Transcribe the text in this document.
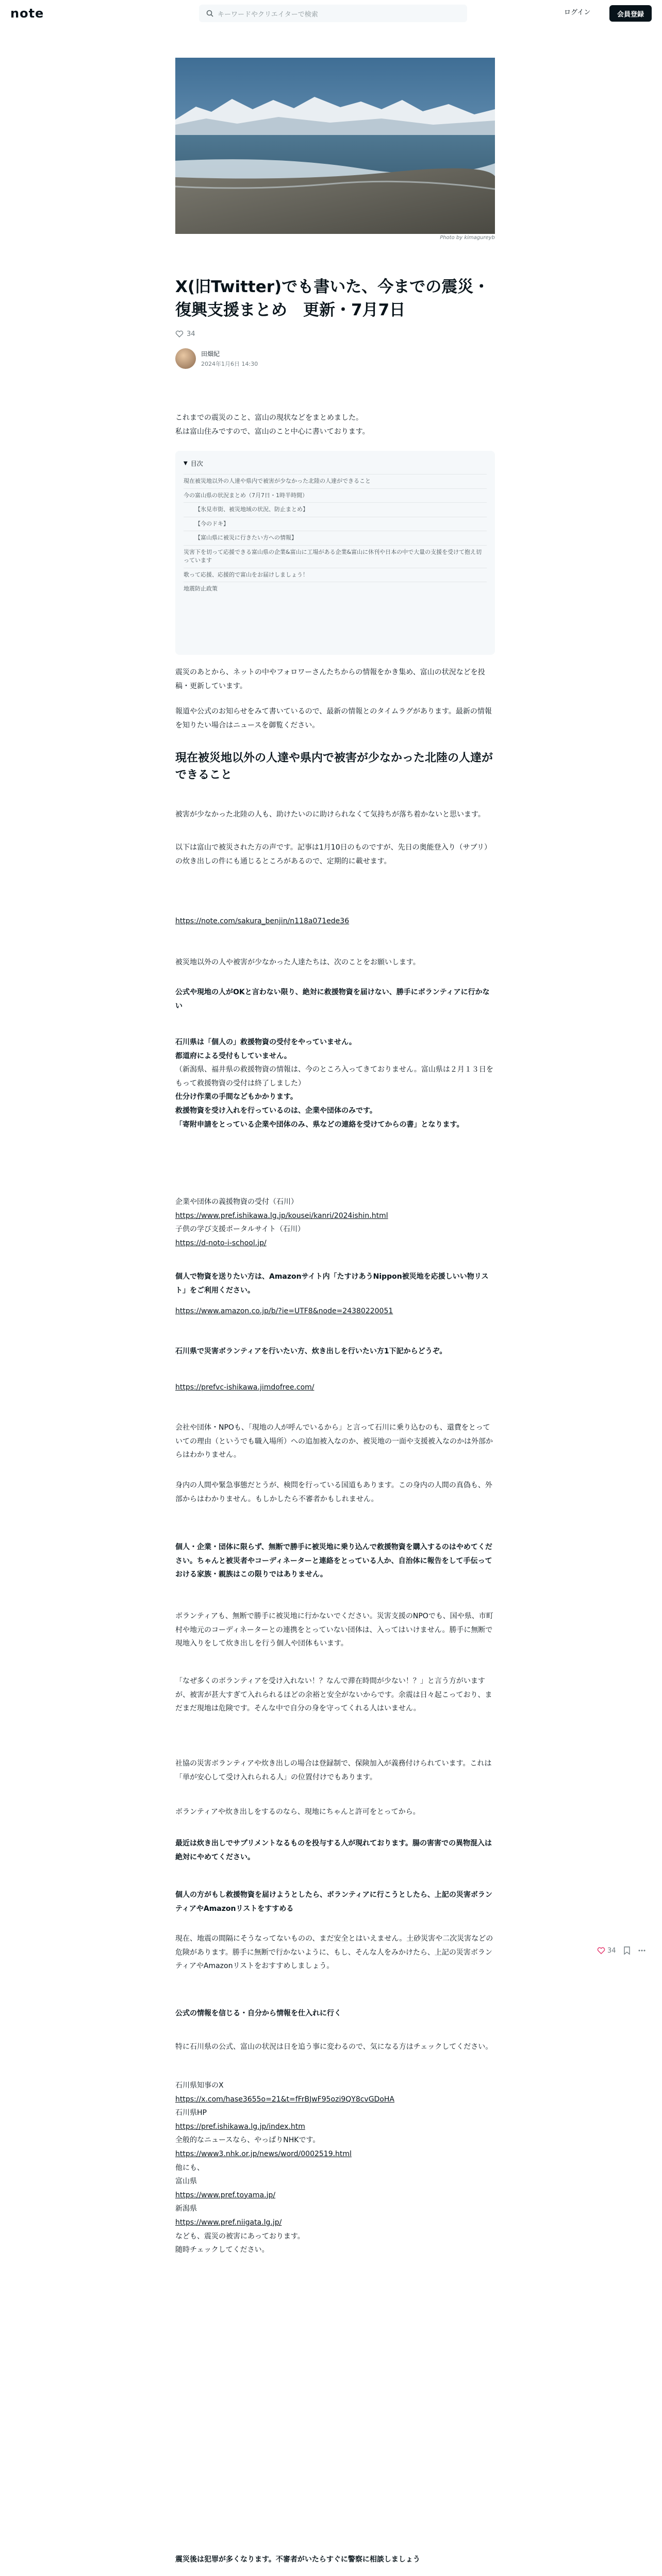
note	キーワードやクリエイターで検索	ログイン	会員登録
Photo by kimagureyb
X(旧Twitter)でも書いた、今までの震災・復興支援まとめ　更新・7月7日
34
田畑紀
2024年1月6日 14:30
これまでの震災のこと、富山の現状などをまとめました。
私は富山住みですので、富山のこと中心に書いております。
▼ 目次
現在被災地以外の人達や県内で被害が少なかった北陸の人達ができること
今の富山県の状況まとめ（7月7日・1時半時間）
【氷見市街、被災地域の状況、防止まとめ】
【今のドキ】
【富山県に被災に行きたい方への情報】
災害下を切って応援できる富山県の企業&富山に工場がある企業&富山に休刊や日本の中で大量の支援を受けて抱え切っています
歌って応援、応援的で富山をお届けしましょう！
地震防止政策
震災のあとから、ネットの中やフォロワーさんたちからの情報をかき集め、富山の状況などを投稿・更新しています。
報道や公式のお知らせをみて書いているので、最新の情報とのタイムラグがあります。最新の情報を知りたい場合はニュースを御覧ください。
現在被災地以外の人達や県内で被害が少なかった北陸の人達ができること
被害が少なかった北陸の人も、助けたいのに助けられなくて気持ちが落ち着かないと思います。
以下は富山で被災された方の声です。記事は1月10日のものですが、先日の奥能登入り（サブリ）の炊き出しの件にも通じるところがあるので、定期的に載せます。
https://note.com/sakura_benjin/n118a071ede36
被災地以外の人や被害が少なかった人達たちは、次のことをお願いします。
公式や現地の人がOKと言わない限り、絶対に救援物資を届けない、勝手にボランティアに行かない
石川県は「個人の」救援物資の受付をやっていません。
都道府による受付もしていません。
（新潟県、福井県の救援物資の情報は、今のところ入ってきておりません。富山県は２月１３日をもって救援物資の受付は終了しました）
仕分け作業の手間などもかかります。
救援物資を受け入れを行っているのは、企業や団体のみです。
「寄附申請をとっている企業や団体のみ、県などの連絡を受けてからの書」となります。
企業や団体の義援物資の受付（石川）
https://www.pref.ishikawa.lg.jp/kousei/kanri/2024ishin.html
子供の学び支援ポータルサイト（石川）
https://d-noto-i-school.jp/
個人で物資を送りたい方は、Amazonサイト内「たすけあうNippon被災地を応援しいい物リスト」をご利用ください。
https://www.amazon.co.jp/b/?ie=UTF8&node=24380220051
石川県で災害ボランティアを行いたい方、炊き出しを行いたい方1下記からどうぞ。
https://prefvc-ishikawa.jimdofree.com/
会社や団体・NPOも、「現地の人が呼んでいるから」と言って石川に乗り込むのも、還費をとっていての理由（というでも職入場所）への追加被入なのか、被災地の一面や支援被入なのかは外部からはわかりません。
身内の人間や緊急事態だとうが、検問を行っている国道もあります。この身内の人間の真偽も、外部からはわかりません。もしかしたら不審者かもしれません。
個人・企業・団体に限らず、無断で勝手に被災地に乗り込んで救援物資を購入するのはやめてください。ちゃんと被災者やコーディネーターと連絡をとっている人か、自治体に報告をして手伝っておける家族・親族はこの限りではありません。
ボランティアも、無断で勝手に被災地に行かないでください。災害支援のNPOでも、国や県、市町村や地元のコーディネーターとの連携をとっていない団体は、入ってはいけません。勝手に無断で現地入りをして炊き出しを行う個人や団体もいます。
「なぜ多くのボランティアを受け入れない！？なんで滞在時間が少ない！？」と言う方がいますが、被害が甚大すぎて入れられるほどの余裕と安全がないからです。余震は日々起こっており、まだまだ現地は危険です。そんな中で自分の身を守ってくれる人はいません。
社協の災害ボランティアや炊き出しの場合は登録制で、保険加入が義務付けられています。これは「単が安心して受け入れられる人」の位置付けでもあります。
ボランティアや炊き出しをするのなら、現地にちゃんと許可をとってから。
最近は炊き出しでサプリメントなるものを投与する人が現れております。腸の害害での異物混入は絶対にやめてください。
個人の方がもし救援物資を届けようとしたら、ボランティアに行こうとしたら、上記の災害ボランティアやAmazonリストをすすめる
現在、地震の間隔にそうなってないものの、まだ安全とはいえません。土砂災害や二次災害などの危険があります。勝手に無断で行かないように、もし、そんな人をみかけたら、上記の災害ボランティアやAmazonリストをおすすめしましょう。
公式の情報を信じる・自分から情報を仕入れに行く
特に石川県の公式、富山の状況は日を追う事に変わるので、気になる方はチェックしてください。
石川県知事のX
https://x.com/hase3655o=21&t=fFrBJwF95ozi9QY8cvGDoHA
石川県HP
https://pref.ishikawa.lg.jp/index.htm
全般的なニュースなら、やっぱりNHKです。
https://www3.nhk.or.jp/news/word/0002519.html
他にも、
富山県
https://www.pref.toyama.jp/
新潟県
https://www.pref.niigata.lg.jp/
なども、震災の被害にあっております。
随時チェックしてください。
震災後は犯罪が多くなります。不審者がいたらすぐに警察に相談しましょう
34
